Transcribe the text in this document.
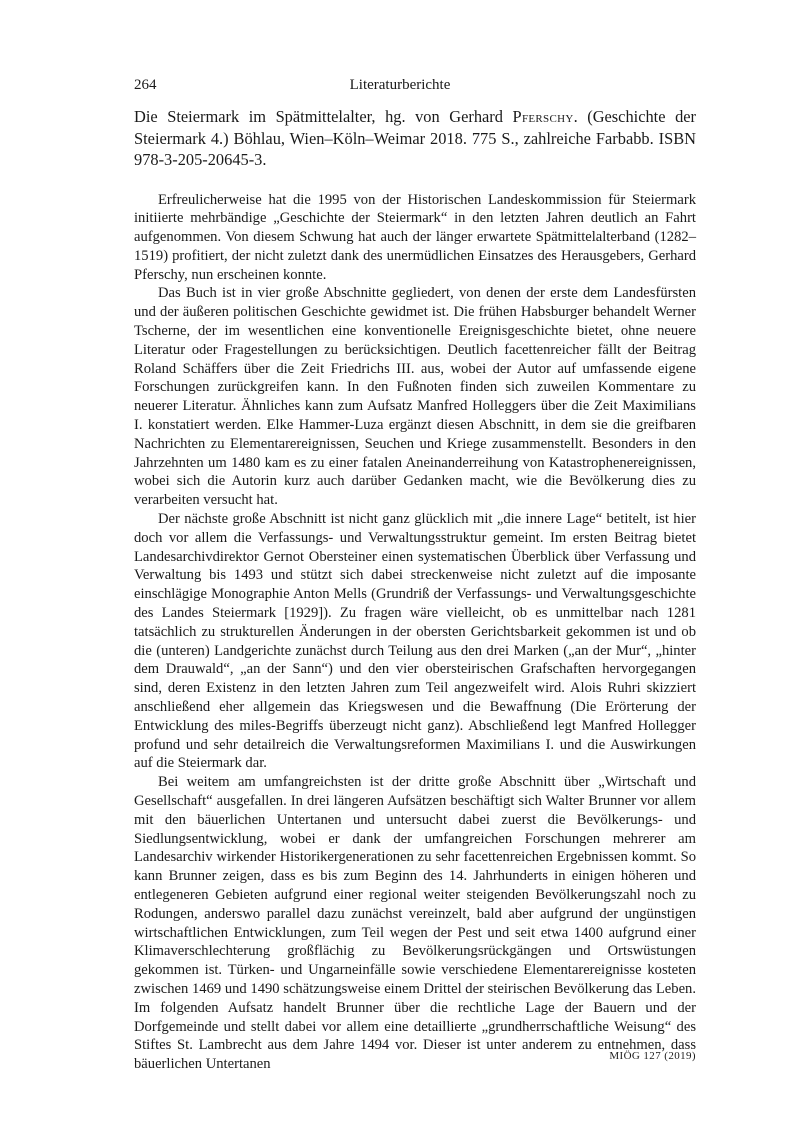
264	Literaturberichte

Die Steiermark im Spätmittelalter, hg. von Gerhard Pferschy. (Geschichte der Steiermark 4.) Böhlau, Wien–Köln–Weimar 2018. 775 S., zahlreiche Farbabb. ISBN 978-3-205-20645-3.

Erfreulicherweise hat die 1995 von der Historischen Landeskommission für Steiermark initiierte mehrbändige „Geschichte der Steiermark“ in den letzten Jahren deutlich an Fahrt aufgenommen. Von diesem Schwung hat auch der länger erwartete Spätmittelalterband (1282–1519) profitiert, der nicht zuletzt dank des unermüdlichen Einsatzes des Herausgebers, Gerhard Pferschy, nun erscheinen konnte.

Das Buch ist in vier große Abschnitte gegliedert, von denen der erste dem Landesfürsten und der äußeren politischen Geschichte gewidmet ist. Die frühen Habsburger behandelt Werner Tscherne, der im wesentlichen eine konventionelle Ereignisgeschichte bietet, ohne neuere Literatur oder Fragestellungen zu berücksichtigen. Deutlich facettenreicher fällt der Beitrag Roland Schäffers über die Zeit Friedrichs III. aus, wobei der Autor auf umfassende eigene Forschungen zurückgreifen kann. In den Fußnoten finden sich zuweilen Kommentare zu neuerer Literatur. Ähnliches kann zum Aufsatz Manfred Holleggers über die Zeit Maximilians I. konstatiert werden. Elke Hammer-Luza ergänzt diesen Abschnitt, in dem sie die greifbaren Nachrichten zu Elementarereignissen, Seuchen und Kriege zusammenstellt. Besonders in den Jahrzehnten um 1480 kam es zu einer fatalen Aneinanderreihung von Katastrophenereignissen, wobei sich die Autorin kurz auch darüber Gedanken macht, wie die Bevölkerung dies zu verarbeiten versucht hat.

Der nächste große Abschnitt ist nicht ganz glücklich mit „die innere Lage“ betitelt, ist hier doch vor allem die Verfassungs- und Verwaltungsstruktur gemeint. Im ersten Beitrag bietet Landesarchivdirektor Gernot Obersteiner einen systematischen Überblick über Verfassung und Verwaltung bis 1493 und stützt sich dabei streckenweise nicht zuletzt auf die imposante einschlägige Monographie Anton Mells (Grundriß der Verfassungs- und Verwaltungsgeschichte des Landes Steiermark [1929]). Zu fragen wäre vielleicht, ob es unmittelbar nach 1281 tatsächlich zu strukturellen Änderungen in der obersten Gerichtsbarkeit gekommen ist und ob die (unteren) Landgerichte zunächst durch Teilung aus den drei Marken („an der Mur“, „hinter dem Drauwald“, „an der Sann“) und den vier obersteirischen Grafschaften hervorgegangen sind, deren Existenz in den letzten Jahren zum Teil angezweifelt wird. Alois Ruhri skizziert anschließend eher allgemein das Kriegswesen und die Bewaffnung (Die Erörterung der Entwicklung des miles-Begriffs überzeugt nicht ganz). Abschließend legt Manfred Hollegger profund und sehr detailreich die Verwaltungsreformen Maximilians I. und die Auswirkungen auf die Steiermark dar.

Bei weitem am umfangreichsten ist der dritte große Abschnitt über „Wirtschaft und Gesellschaft“ ausgefallen. In drei längeren Aufsätzen beschäftigt sich Walter Brunner vor allem mit den bäuerlichen Untertanen und untersucht dabei zuerst die Bevölkerungs- und Siedlungsentwicklung, wobei er dank der umfangreichen Forschungen mehrerer am Landesarchiv wirkender Historikergenerationen zu sehr facettenreichen Ergebnissen kommt. So kann Brunner zeigen, dass es bis zum Beginn des 14. Jahrhunderts in einigen höheren und entlegeneren Gebieten aufgrund einer regional weiter steigenden Bevölkerungszahl noch zu Rodungen, anderswo parallel dazu zunächst vereinzelt, bald aber aufgrund der ungünstigen wirtschaftlichen Entwicklungen, zum Teil wegen der Pest und seit etwa 1400 aufgrund einer Klimaverschlechterung großflächig zu Bevölkerungsrückgängen und Ortswüstungen gekommen ist. Türken- und Ungarneinfälle sowie verschiedene Elementarereignisse kosteten zwischen 1469 und 1490 schätzungsweise einem Drittel der steirischen Bevölkerung das Leben. Im folgenden Aufsatz handelt Brunner über die rechtliche Lage der Bauern und der Dorfgemeinde und stellt dabei vor allem eine detaillierte „grundherrschaftliche Weisung“ des Stiftes St. Lambrecht aus dem Jahre 1494 vor. Dieser ist unter anderem zu entnehmen, dass bäuerlichen Untertanen

MIÖG 127 (2019)
